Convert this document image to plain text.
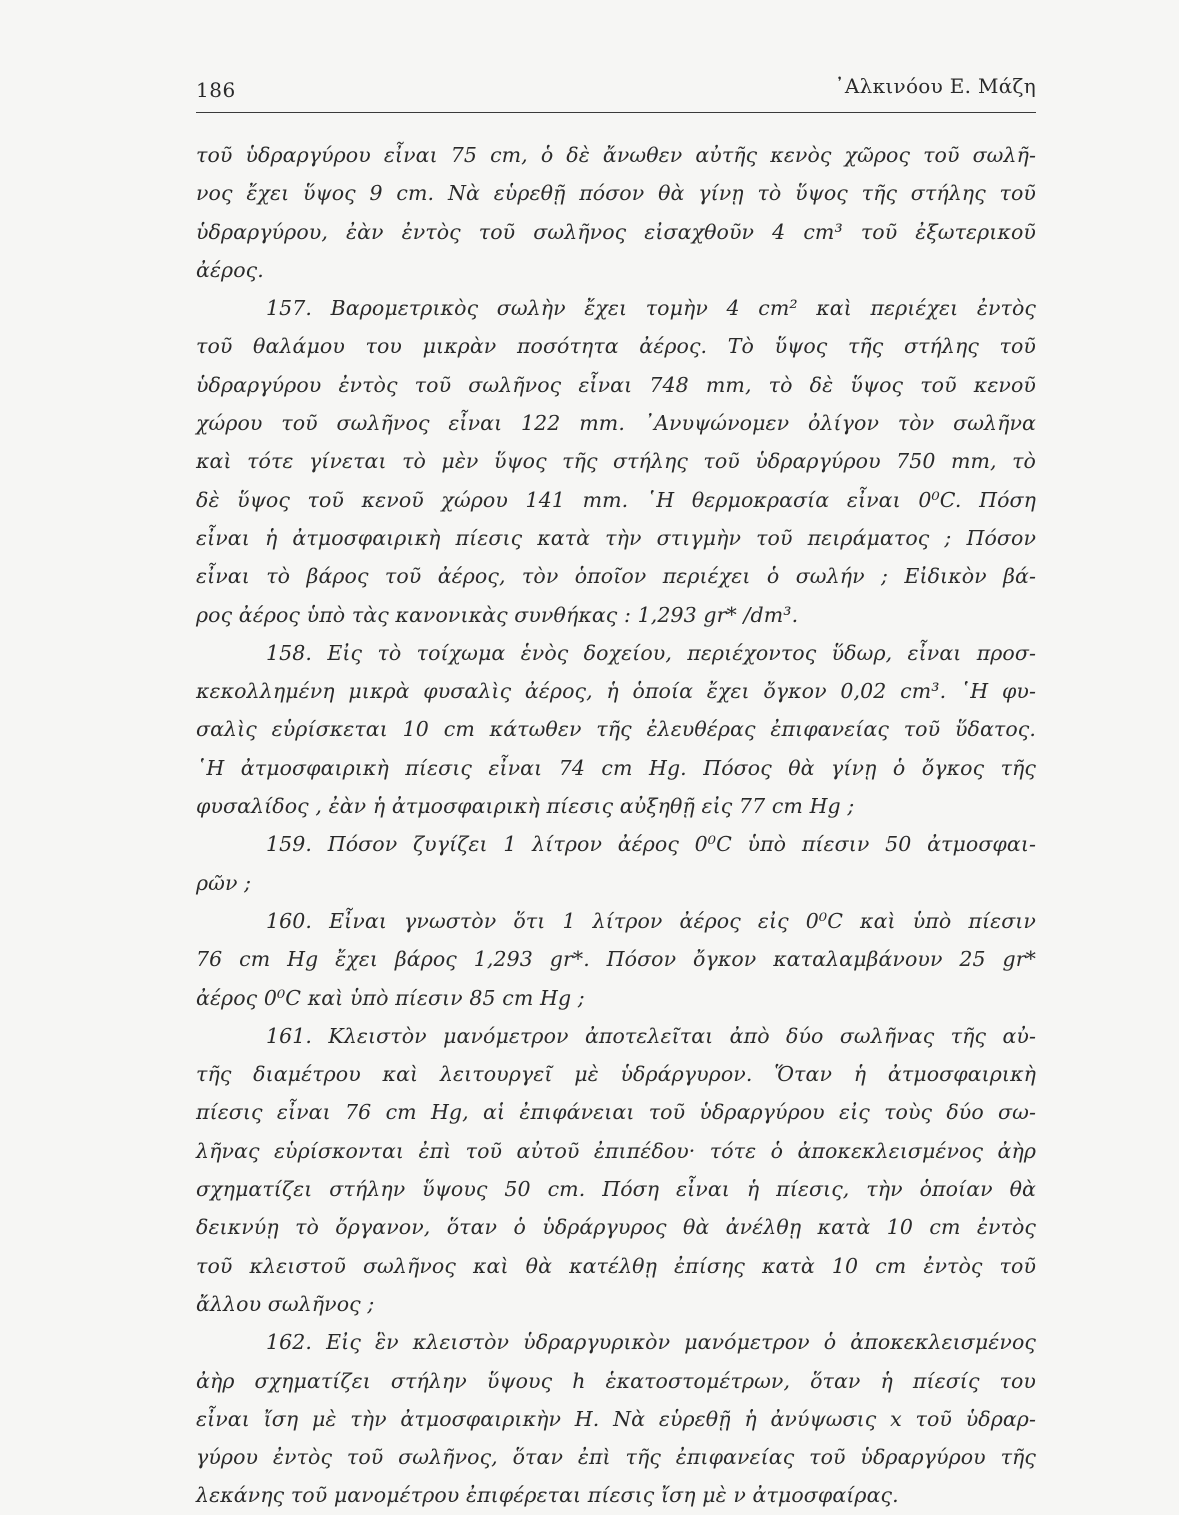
186	᾿Αλκινόου Ε. Μάζη
τοῦ ὑδραργύρου εἶναι 75 cm, ὁ δὲ ἄνωθεν αὐτῆς κενὸς χῶρος τοῦ σωλῆ-
νος ἔχει ὕψος 9 cm. Νὰ εὑρεθῇ πόσον θὰ γίνῃ τὸ ὕψος τῆς στήλης τοῦ
ὑδραργύρου, ἐὰν ἐντὸς τοῦ σωλῆνος εἰσαχθοῦν 4 cm³ τοῦ ἐξωτερικοῦ
ἀέρος.
157. Βαρομετρικὸς σωλὴν ἔχει τομὴν 4 cm² καὶ περιέχει ἐντὸς
τοῦ θαλάμου του μικρὰν ποσότητα ἀέρος. Τὸ ὕψος τῆς στήλης τοῦ
ὑδραργύρου ἐντὸς τοῦ σωλῆνος εἶναι 748 mm, τὸ δὲ ὕψος τοῦ κενοῦ
χώρου τοῦ σωλῆνος εἶναι 122 mm. ᾿Ανυψώνομεν ὀλίγον τὸν σωλῆνα
καὶ τότε γίνεται τὸ μὲν ὕψος τῆς στήλης τοῦ ὑδραργύρου 750 mm, τὸ
δὲ ὕψος τοῦ κενοῦ χώρου 141 mm. ῾Η θερμοκρασία εἶναι 0⁰C. Πόση
εἶναι ἡ ἀτμοσφαιρικὴ πίεσις κατὰ τὴν στιγμὴν τοῦ πειράματος ; Πόσον
εἶναι τὸ βάρος τοῦ ἀέρος, τὸν ὁποῖον περιέχει ὁ σωλήν ; Εἰδικὸν βά-
ρος ἀέρος ὑπὸ τὰς κανονικὰς συνθήκας : 1,293 gr* /dm³.
158. Εἰς τὸ τοίχωμα ἑνὸς δοχείου, περιέχοντος ὕδωρ, εἶναι προσ-
κεκολλημένη μικρὰ φυσαλὶς ἀέρος, ἡ ὁποία ἔχει ὄγκον 0,02 cm³. ῾Η φυ-
σαλὶς εὑρίσκεται 10 cm κάτωθεν τῆς ἐλευθέρας ἐπιφανείας τοῦ ὕδατος.
῾Η ἀτμοσφαιρικὴ πίεσις εἶναι 74 cm Hg. Πόσος θὰ γίνῃ ὁ ὄγκος τῆς
φυσαλίδος , ἐὰν ἡ ἀτμοσφαιρικὴ πίεσις αὐξηθῇ εἰς 77 cm Hg ;
159. Πόσον ζυγίζει 1 λίτρον ἀέρος 0⁰C ὑπὸ πίεσιν 50 ἀτμοσφαι-
ρῶν ;
160. Εἶναι γνωστὸν ὅτι 1 λίτρον ἀέρος εἰς 0⁰C καὶ ὑπὸ πίεσιν
76 cm Hg ἔχει βάρος 1,293 gr*. Πόσον ὄγκον καταλαμβάνουν 25 gr*
ἀέρος 0⁰C καὶ ὑπὸ πίεσιν 85 cm Hg ;
161. Κλειστὸν μανόμετρον ἀποτελεῖται ἀπὸ δύο σωλῆνας τῆς αὐ-
τῆς διαμέτρου καὶ λειτουργεῖ μὲ ὑδράργυρον. Ὅταν ἡ ἀτμοσφαιρικὴ
πίεσις εἶναι 76 cm Hg, αἱ ἐπιφάνειαι τοῦ ὑδραργύρου εἰς τοὺς δύο σω-
λῆνας εὑρίσκονται ἐπὶ τοῦ αὐτοῦ ἐπιπέδου· τότε ὁ ἀποκεκλεισμένος ἀὴρ
σχηματίζει στήλην ὕψους 50 cm. Πόση εἶναι ἡ πίεσις, τὴν ὁποίαν θὰ
δεικνύῃ τὸ ὄργανον, ὅταν ὁ ὑδράργυρος θὰ ἀνέλθῃ κατὰ 10 cm ἐντὸς
τοῦ κλειστοῦ σωλῆνος καὶ θὰ κατέλθῃ ἐπίσης κατὰ 10 cm ἐντὸς τοῦ
ἄλλου σωλῆνος ;
162. Εἰς ἓν κλειστὸν ὑδραργυρικὸν μανόμετρον ὁ ἀποκεκλεισμένος
ἀὴρ σχηματίζει στήλην ὕψους h ἑκατοστομέτρων, ὅταν ἡ πίεσίς του
εἶναι ἴση μὲ τὴν ἀτμοσφαιρικὴν H. Νὰ εὑρεθῇ ἡ ἀνύψωσις x τοῦ ὑδραρ-
γύρου ἐντὸς τοῦ σωλῆνος, ὅταν ἐπὶ τῆς ἐπιφανείας τοῦ ὑδραργύρου τῆς
λεκάνης τοῦ μανομέτρου ἐπιφέρεται πίεσις ἴση μὲ ν ἀτμοσφαίρας.
